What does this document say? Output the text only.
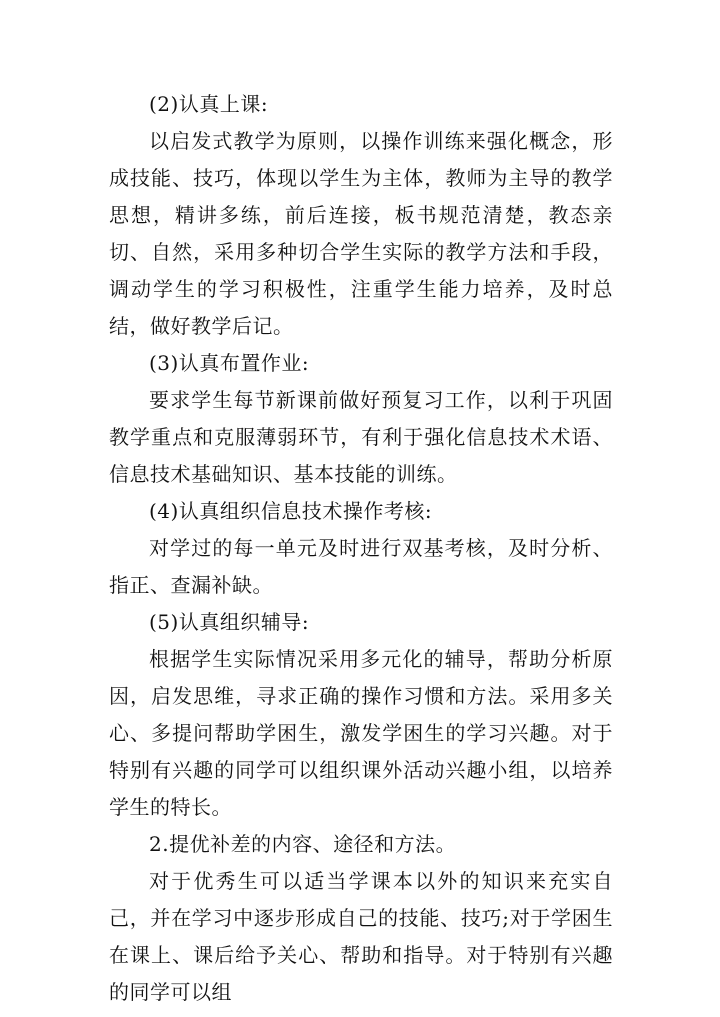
(2)认真上课:

以启发式教学为原则，以操作训练来强化概念，形成技能、技巧，体现以学生为主体，教师为主导的教学思想，精讲多练，前后连接，板书规范清楚，教态亲切、自然，采用多种切合学生实际的教学方法和手段，调动学生的学习积极性，注重学生能力培养，及时总结，做好教学后记。

(3)认真布置作业:

要求学生每节新课前做好预复习工作，以利于巩固教学重点和克服薄弱环节，有利于强化信息技术术语、信息技术基础知识、基本技能的训练。

(4)认真组织信息技术操作考核:

对学过的每一单元及时进行双基考核，及时分析、指正、查漏补缺。

(5)认真组织辅导:

根据学生实际情况采用多元化的辅导，帮助分析原因，启发思维，寻求正确的操作习惯和方法。采用多关心、多提问帮助学困生，激发学困生的学习兴趣。对于特别有兴趣的同学可以组织课外活动兴趣小组，以培养学生的特长。

2.提优补差的内容、途径和方法。

对于优秀生可以适当学课本以外的知识来充实自己，并在学习中逐步形成自己的技能、技巧;对于学困生在课上、课后给予关心、帮助和指导。对于特别有兴趣的同学可以组
